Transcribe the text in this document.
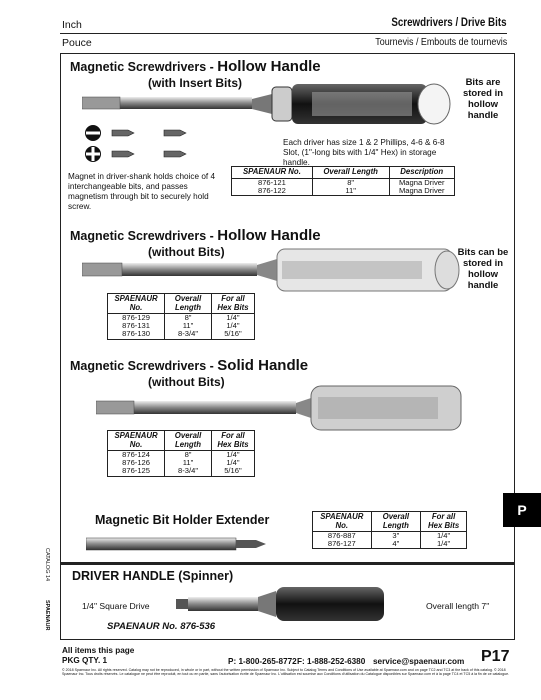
Inch	Screwdrivers / Drive Bits
Pouce	Tournevis / Embouts de tournevis
Magnetic Screwdrivers - Hollow Handle
(with Insert Bits)	Bits are stored in hollow handle
Each driver has size 1 & 2 Phillips, 4-6 & 6-8 Slot, (1"-long bits with 1/4" Hex) in storage handle.
Magnet in driver-shank holds choice of 4 interchangeable bits, and passes magnetism through bit to securely hold screw.
SPAENAUR No.	Overall Length	Description
876-121	8"	Magna Driver
876-122	11"	Magna Driver
Magnetic Screwdrivers - Hollow Handle
(without Bits)	Bits can be stored in hollow handle
SPAENAUR No.	Overall Length	For all Hex Bits
876-129	8"	1/4"
876-131	11"	1/4"
876-130	8-3/4"	5/16"
Magnetic Screwdrivers - Solid Handle
(without Bits)
SPAENAUR No.	Overall Length	For all Hex Bits
876-124	8"	1/4"
876-126	11"	1/4"
876-125	8-3/4"	5/16"
Magnetic Bit Holder Extender	SPAENAUR No.	Overall Length	For all Hex Bits
876-887	3"	1/4"
876-127	4"	1/4"
P
DRIVER HANDLE (Spinner)
1/4" Square Drive	Overall length 7"
SPAENAUR No. 876-536
CATALOG 14
SPAENAUR
All items this page
PKG QTY. 1	P: 1-800-265-8772 F: 1-888-252-6380 service@spaenaur.com P17
© 2018 Spaenaur Inc. All rights reserved. Catalog may not be reproduced, in whole or in part, without the written permission of Spaenaur Inc. Subject to Catalog Terms and Conditions of Use available at Spaenaur.com and on page TC2 and TC3 at the back of this catalog. © 2018 Spaenaur Inc. Tous droits réservés. Le catalogue ne peut être reproduit, en tout ou en partie, sans l'autorisation écrite de Spaenaur Inc. L'utilisation est soumise aux Conditions d'utilisation du Catalogue disponibles sur Spaenaur.com et à la page TC4 et TC5 à la fin de ce catalogue.
